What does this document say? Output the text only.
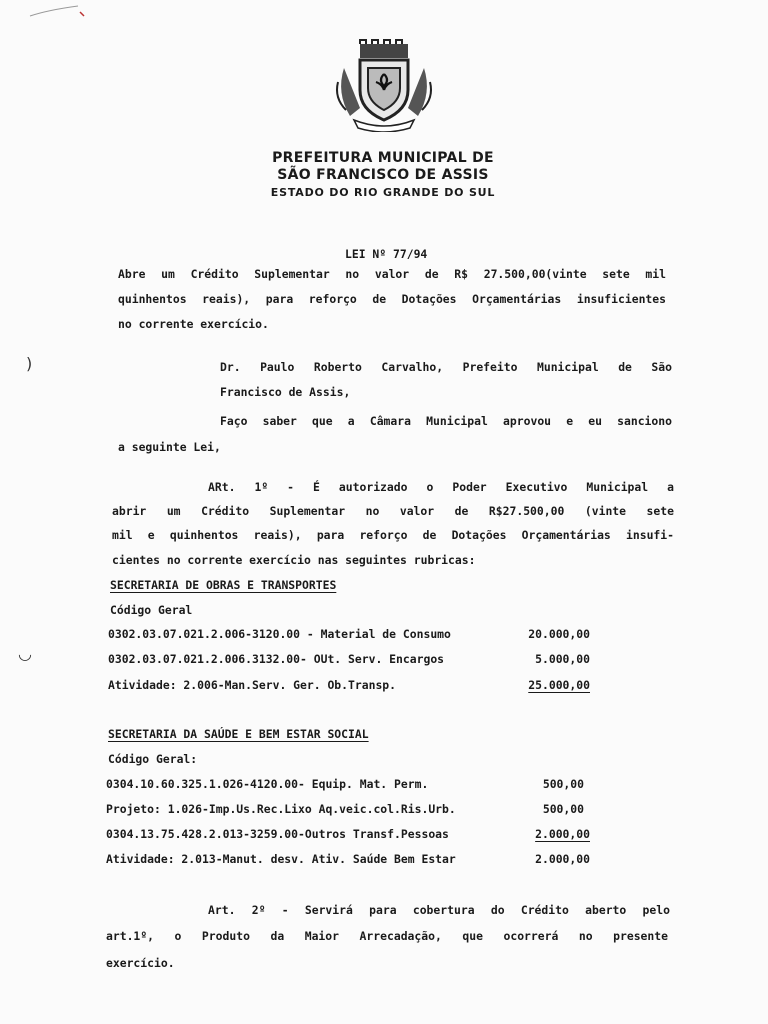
PREFEITURA MUNICIPAL DE
SÃO FRANCISCO DE ASSIS
ESTADO DO RIO GRANDE DO SUL
LEI Nº 77/94
Abre um Crédito Suplementar no valor de R$ 27.500,00(vinte sete mil
quinhentos reais), para reforço de Dotações Orçamentárias insuficientes
no corrente exercício.
Dr. Paulo Roberto Carvalho, Prefeito Municipal de São
Francisco de Assis,
Faço saber que a Câmara Municipal aprovou e eu sanciono
a seguinte Lei,
ARt. 1º - É autorizado o Poder Executivo Municipal a
abrir um Crédito Suplementar no valor de R$27.500,00 (vinte sete
mil e quinhentos reais), para reforço de Dotações Orçamentárias insufi-
cientes no corrente exercício nas seguintes rubricas:
SECRETARIA DE OBRAS E TRANSPORTES
Código Geral
0302.03.07.021.2.006-3120.00 - Material de Consumo	20.000,00
0302.03.07.021.2.006.3132.00- OUt. Serv. Encargos	5.000,00
Atividade: 2.006-Man.Serv. Ger. Ob.Transp.	25.000,00
SECRETARIA DA SAÚDE E BEM ESTAR SOCIAL
Código Geral:
0304.10.60.325.1.026-4120.00- Equip. Mat. Perm.	500,00
Projeto: 1.026-Imp.Us.Rec.Lixo Aq.veic.col.Ris.Urb.	500,00
0304.13.75.428.2.013-3259.00-Outros Transf.Pessoas	2.000,00
Atividade: 2.013-Manut. desv. Ativ. Saúde Bem Estar	2.000,00
Art. 2º - Servirá para cobertura do Crédito aberto pelo
art.1º, o Produto da Maior Arrecadação, que ocorrerá no presente
exercício.
)
◡
